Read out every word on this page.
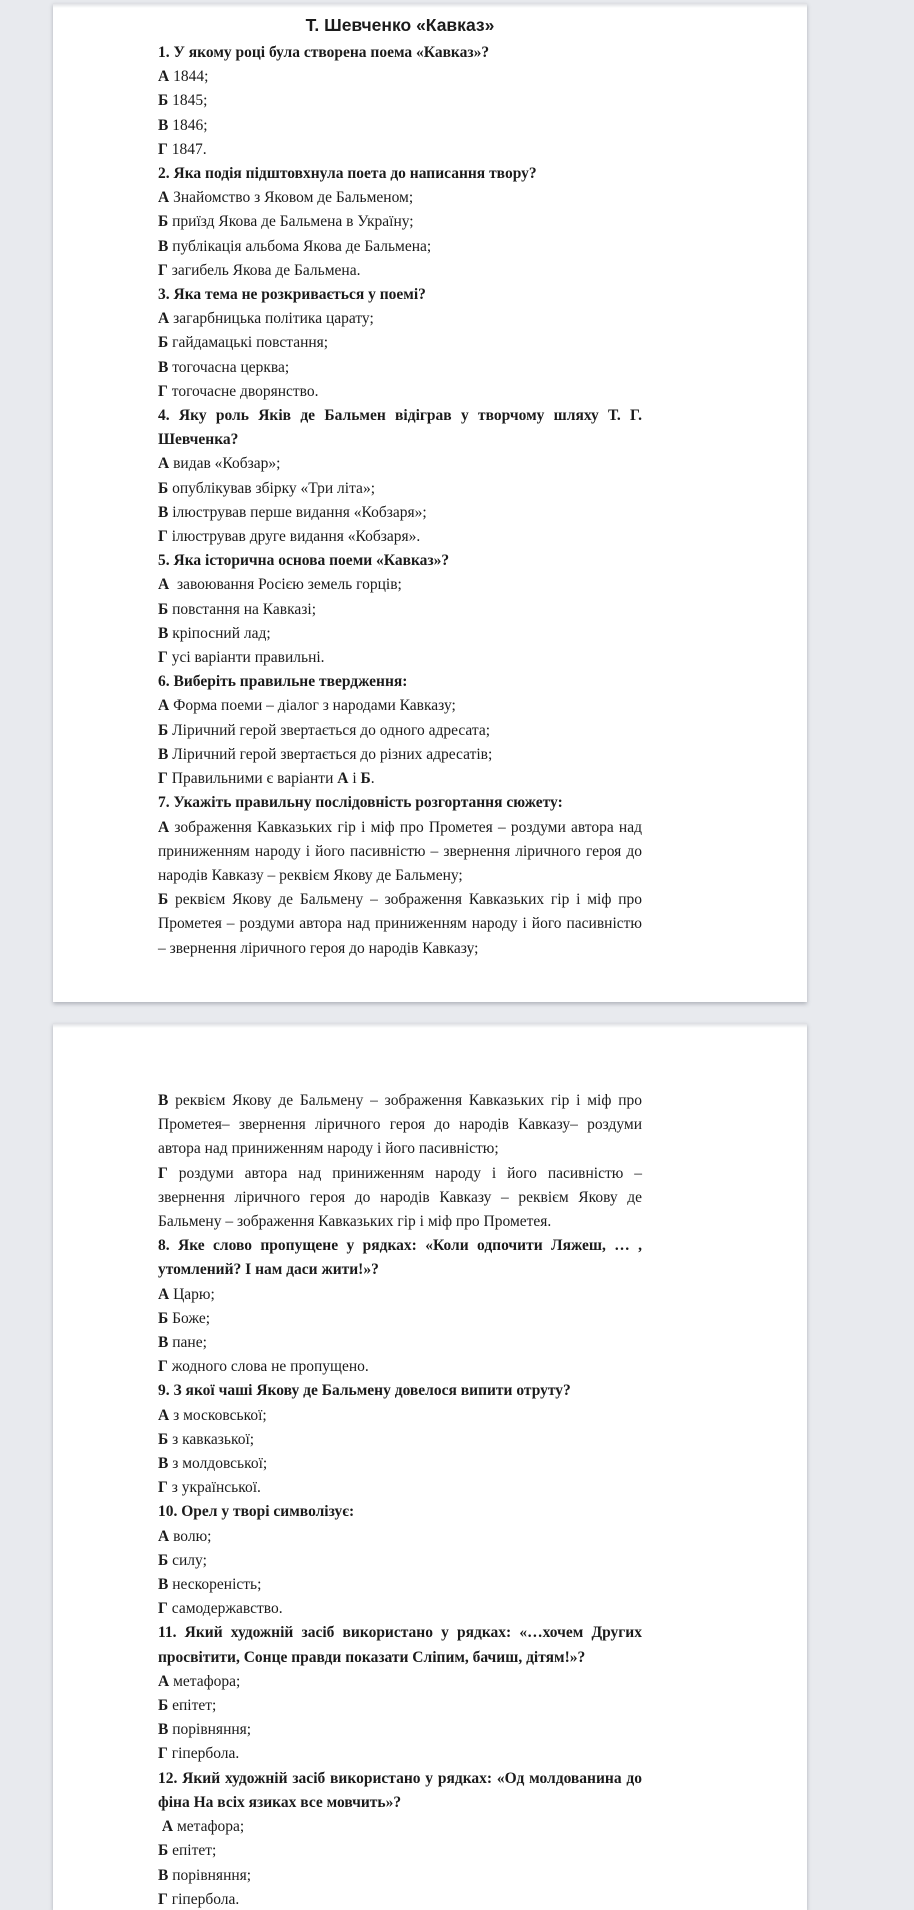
Т. Шевченко «Кавказ»

1. У якому році була створена поема «Кавказ»?

А 1844;

Б 1845;

В 1846;

Г 1847.

2. Яка подія підштовхнула поета до написання твору?

А Знайомство з Яковом де Бальменом;

Б приїзд Якова де Бальмена в Україну;

В публікація альбома Якова де Бальмена;

Г загибель Якова де Бальмена.

3. Яка тема не розкривається у поемі?

А загарбницька політика царату;

Б гайдамацькі повстання;

В тогочасна церква;

Г тогочасне дворянство.

4. Яку роль Яків де Бальмен відіграв у творчому шляху Т. Г. Шевченка?

А видав «Кобзар»;

Б опублікував збірку «Три літа»;

В ілюстрував перше видання «Кобзаря»;

Г ілюстрував друге видання «Кобзаря».

5. Яка історична основа поеми «Кавказ»?

А  завоювання Росією земель горців;

Б повстання на Кавказі;

В кріпосний лад;

Г усі варіанти правильні.

6. Виберіть правильне твердження:

А Форма поеми – діалог з народами Кавказу;

Б Ліричний герой звертається до одного адресата;

В Ліричний герой звертається до різних адресатів;

Г Правильними є варіанти А і Б.

7. Укажіть правильну послідовність розгортання сюжету:

А зображення Кавказьких гір і міф про Прометея – роздуми автора над приниженням народу і його пасивністю – звернення ліричного героя до народів Кавказу – реквієм Якову де Бальмену;

Б реквієм Якову де Бальмену – зображення Кавказьких гір і міф про Прометея – роздуми автора над приниженням народу і його пасивністю – звернення ліричного героя до народів Кавказу;

В реквієм Якову де Бальмену – зображення Кавказьких гір і міф про Прометея– звернення ліричного героя до народів Кавказу– роздуми автора над приниженням народу і його пасивністю;

Г роздуми автора над приниженням народу і його пасивністю – звернення ліричного героя до народів Кавказу – реквієм Якову де Бальмену – зображення Кавказьких гір і міф про Прометея.

8. Яке слово пропущене у рядках: «Коли одпочити Ляжеш, … , утомлений? І нам даси жити!»?

А Царю;

Б Боже;

В пане;

Г жодного слова не пропущено.

9. З якої чаші Якову де Бальмену довелося випити отруту?

А з московської;

Б з кавказької;

В з молдовської;

Г з української.

10. Орел у творі символізує:

А волю;

Б силу;

В нескореність;

Г самодержавство.

11. Який художній засіб використано у рядках: «…хочем Других просвітити, Сонце правди показати Сліпим, бачиш, дітям!»?

А метафора;

Б епітет;

В порівняння;

Г гіпербола.

12. Який художній засіб використано у рядках: «Од молдованина до фіна На всіх язиках все мовчить»?

А метафора;

Б епітет;

В порівняння;

Г гіпербола.
